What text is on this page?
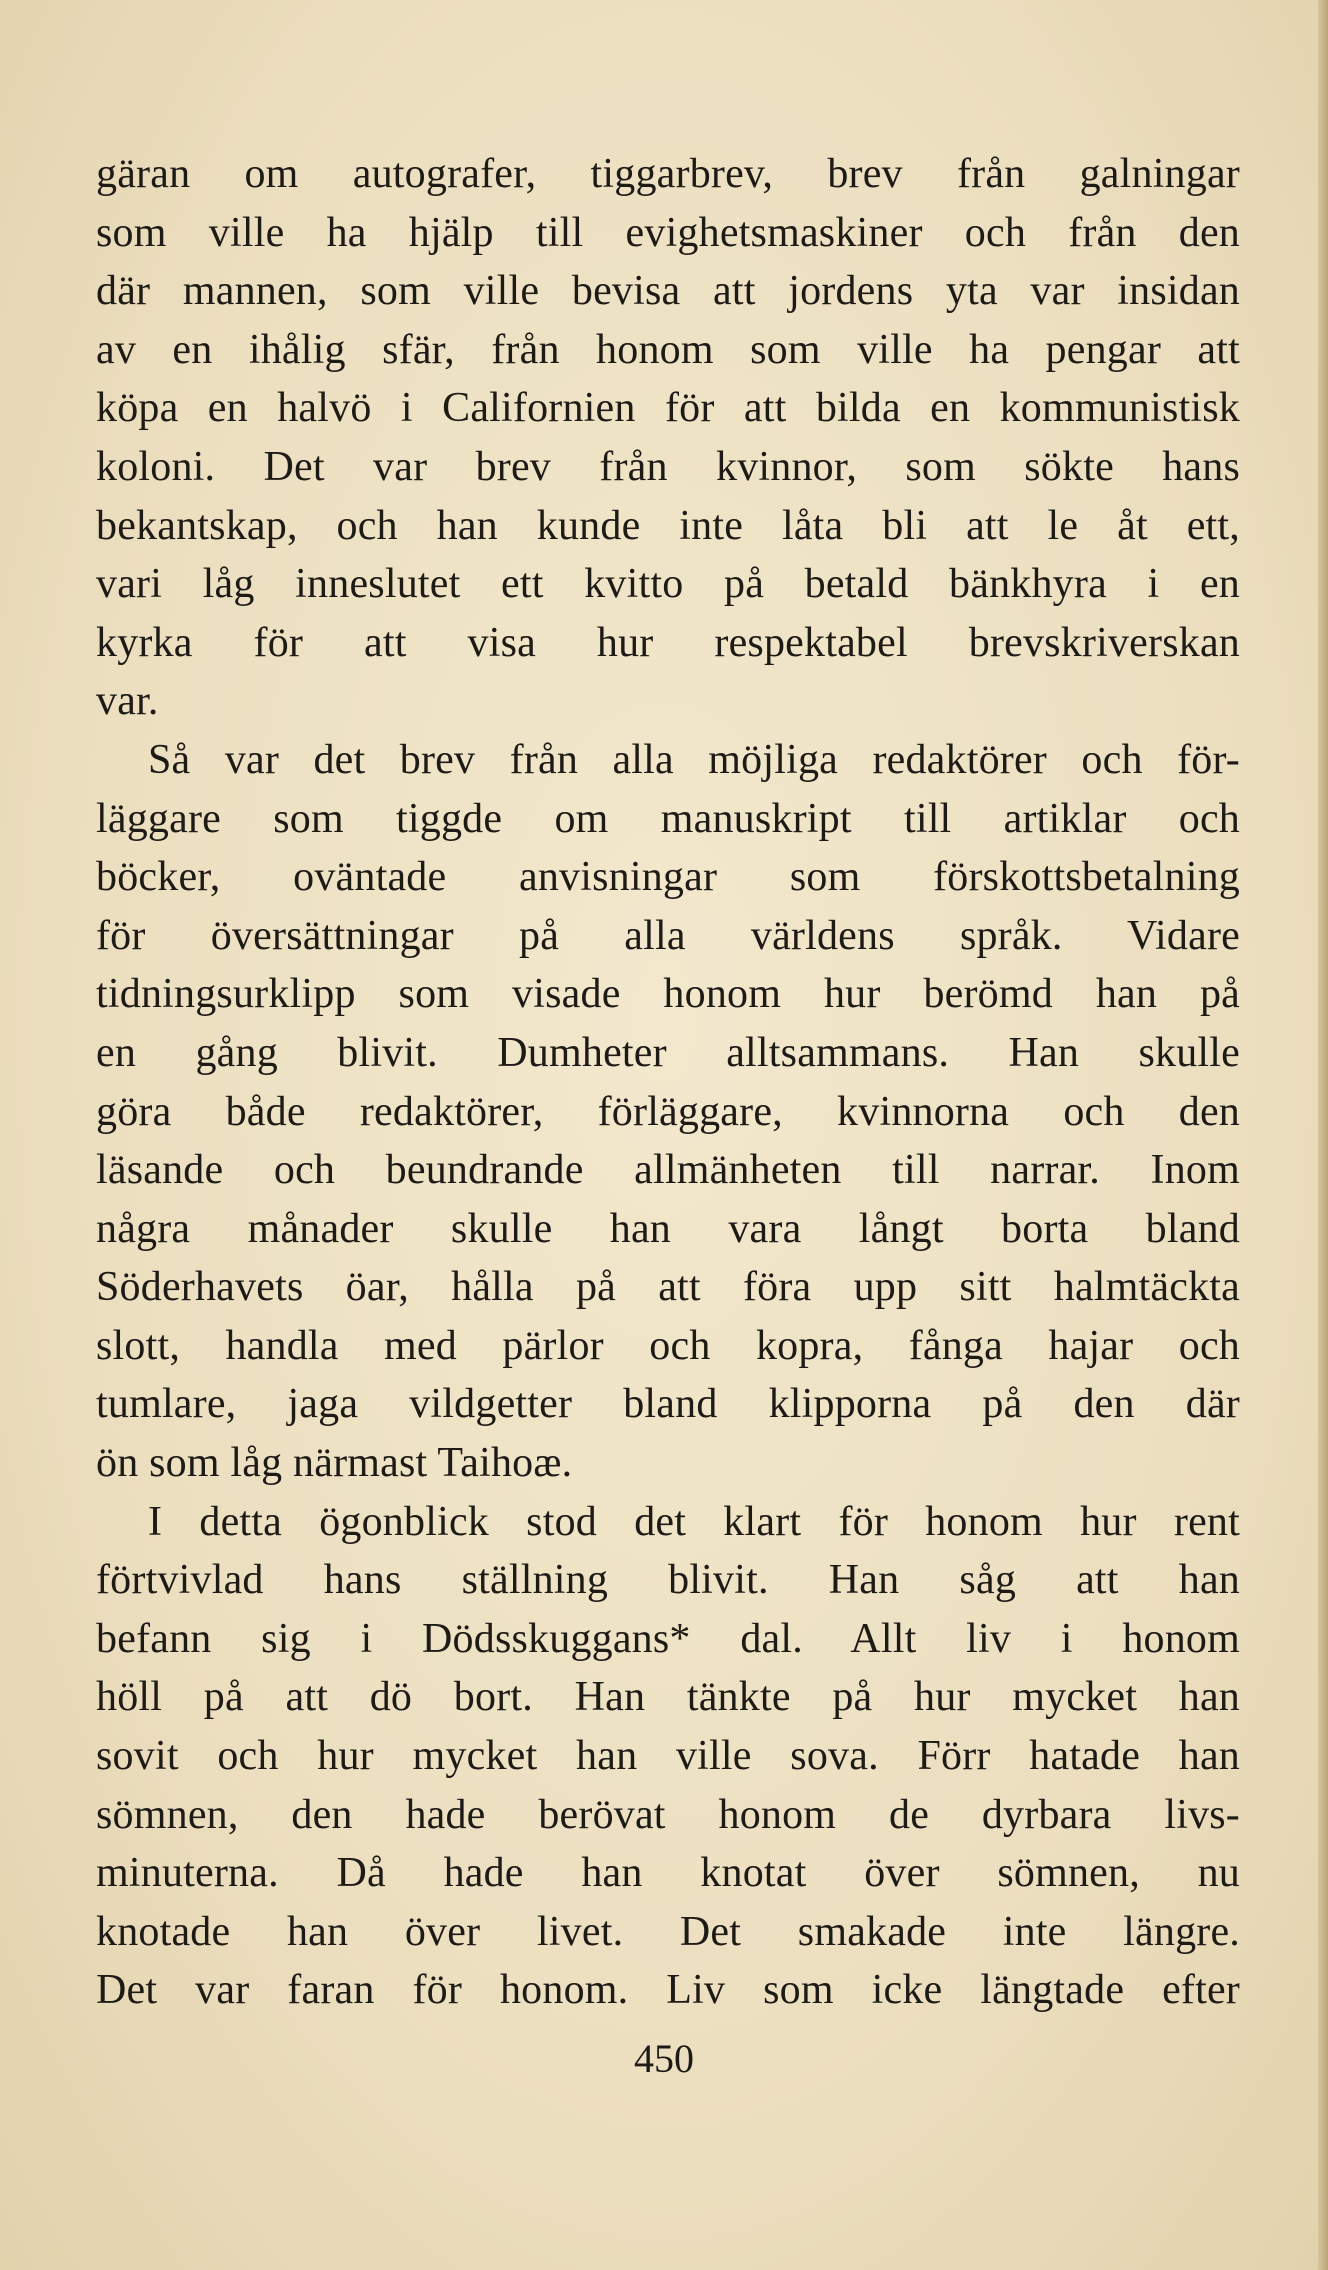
gäran om autografer, tiggarbrev, brev från galningar
som ville ha hjälp till evighetsmaskiner och från den
där mannen, som ville bevisa att jordens yta var insidan
av en ihålig sfär, från honom som ville ha pengar att
köpa en halvö i Californien för att bilda en kommunistisk
koloni. Det var brev från kvinnor, som sökte hans
bekantskap, och han kunde inte låta bli att le åt ett,
vari låg inneslutet ett kvitto på betald bänkhyra i en
kyrka för att visa hur respektabel brevskriverskan
var.
Så var det brev från alla möjliga redaktörer och för-
läggare som tiggde om manuskript till artiklar och
böcker, oväntade anvisningar som förskottsbetalning
för översättningar på alla världens språk. Vidare
tidningsurklipp som visade honom hur berömd han på
en gång blivit. Dumheter alltsammans. Han skulle
göra både redaktörer, förläggare, kvinnorna och den
läsande och beundrande allmänheten till narrar. Inom
några månader skulle han vara långt borta bland
Söderhavets öar, hålla på att föra upp sitt halmtäckta
slott, handla med pärlor och kopra, fånga hajar och
tumlare, jaga vildgetter bland klipporna på den där
ön som låg närmast Taihoæ.
I detta ögonblick stod det klart för honom hur rent
förtvivlad hans ställning blivit. Han såg att han
befann sig i Dödsskuggans* dal. Allt liv i honom
höll på att dö bort. Han tänkte på hur mycket han
sovit och hur mycket han ville sova. Förr hatade han
sömnen, den hade berövat honom de dyrbara livs-
minuterna. Då hade han knotat över sömnen, nu
knotade han över livet. Det smakade inte längre.
Det var faran för honom. Liv som icke längtade efter
450
